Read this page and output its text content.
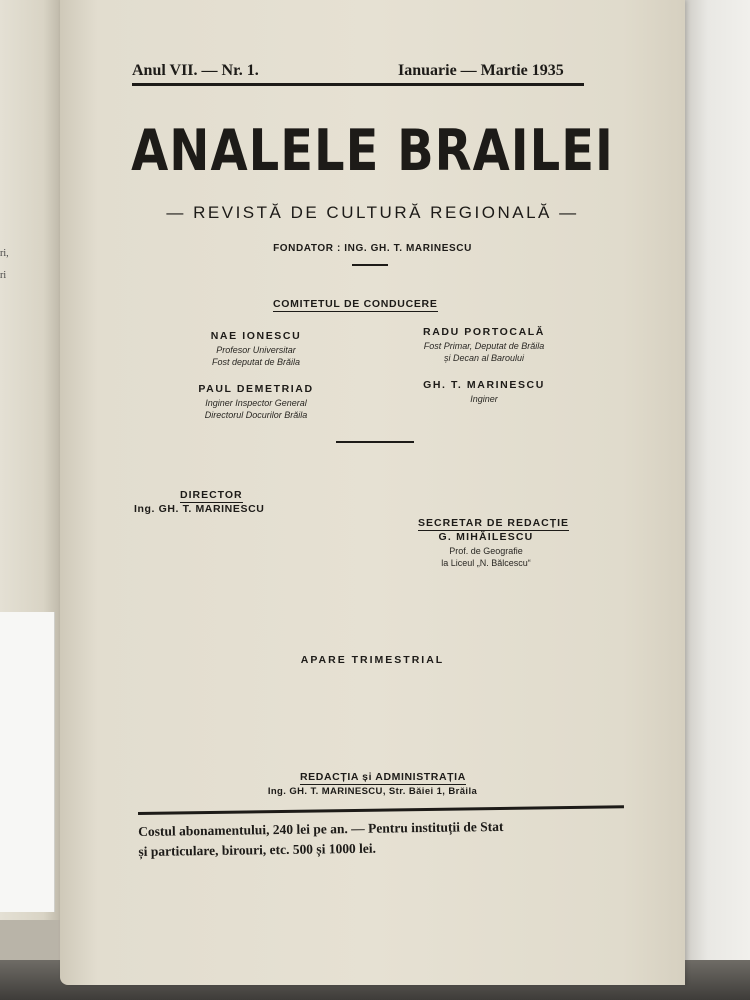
ri,
ri
Anul VII. — Nr. 1.	Ianuarie — Martie 1935
ANALELE BRAILEI
— REVISTĂ DE CULTURĂ REGIONALĂ —
FONDATOR : ING. GH. T. MARINESCU
COMITETUL DE CONDUCERE
NAE IONESCU
Profesor Universitar
Fost deputat de Brăila
RADU PORTOCALĂ
Fost Primar, Deputat de Brăila
și Decan al Baroului
PAUL DEMETRIAD
Inginer Inspector General
Directorul Docurilor Brăila
GH. T. MARINESCU
Inginer
DIRECTOR
Ing. GH. T. MARINESCU
SECRETAR DE REDACȚIE
G. MIHĂILESCU
Prof. de Geografie
la Liceul „N. Bălcescu“
APARE TRIMESTRIAL
REDACȚIA și ADMINISTRAȚIA
Ing. GH. T. MARINESCU, Str. Băiei 1, Brăila
Costul abonamentului, 240 lei pe an. — Pentru instituții de Stat
și particulare, birouri, etc. 500 și 1000 lei.
